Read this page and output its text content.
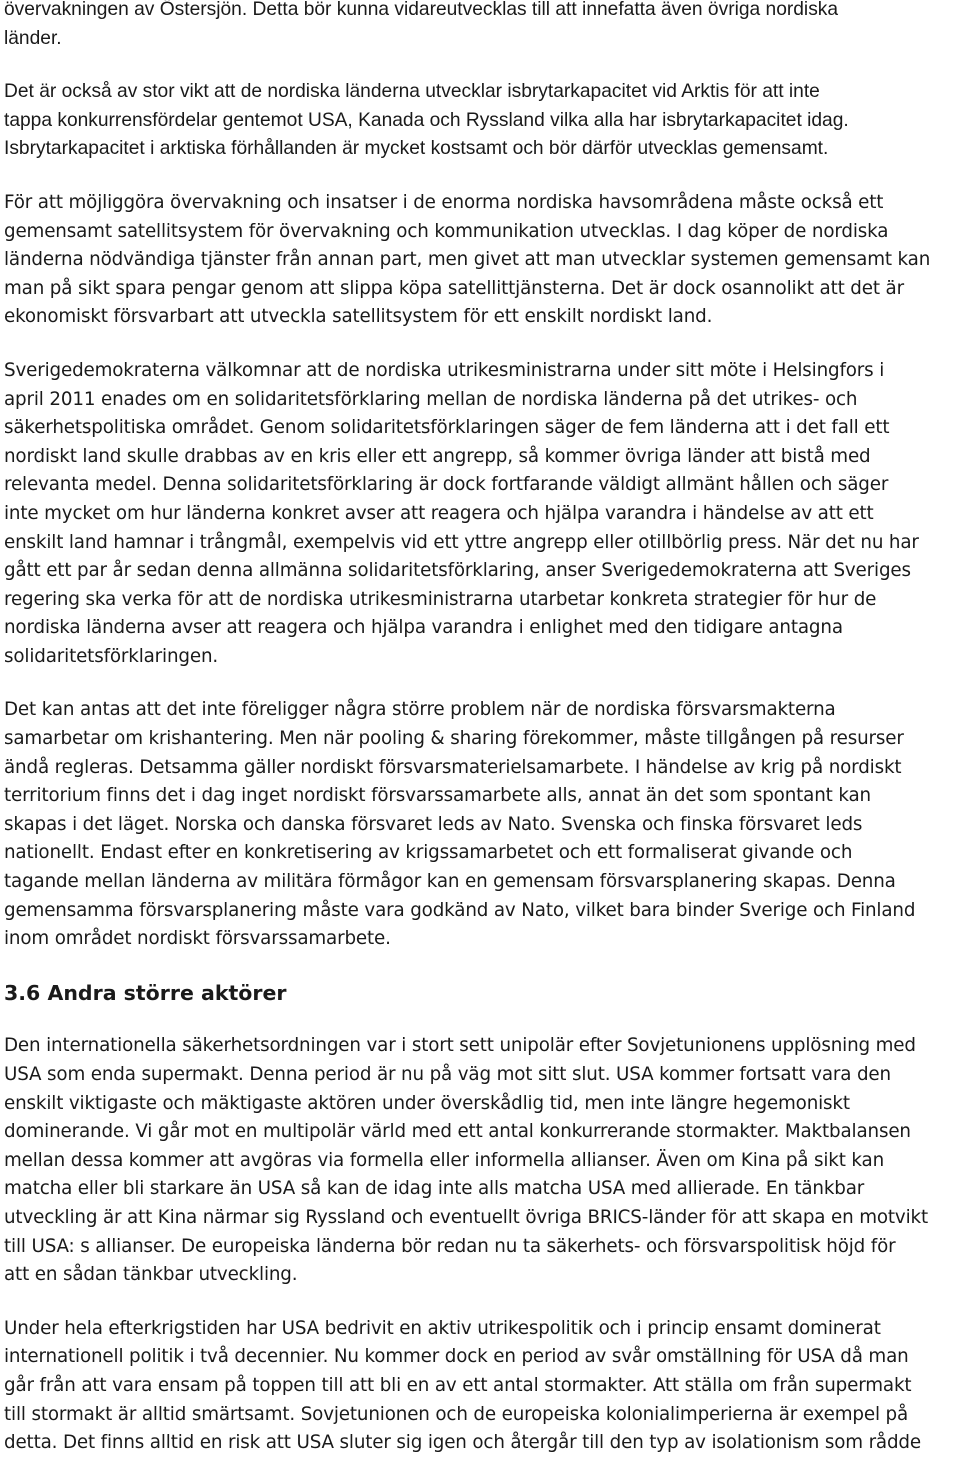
övervakningen av Östersjön. Detta bör kunna vidareutvecklas till att innefatta även övriga nordiska
länder.

Det är också av stor vikt att de nordiska länderna utvecklar isbrytarkapacitet vid Arktis för att inte
tappa konkurrensfördelar gentemot USA, Kanada och Ryssland vilka alla har isbrytarkapacitet idag.
Isbrytarkapacitet i arktiska förhållanden är mycket kostsamt och bör därför utvecklas gemensamt.

För att möjliggöra övervakning och insatser i de enorma nordiska havsområdena måste också ett
gemensamt satellitsystem för övervakning och kommunikation utvecklas. I dag köper de nordiska
länderna nödvändiga tjänster från annan part, men givet att man utvecklar systemen gemensamt kan
man på sikt spara pengar genom att slippa köpa satellittjänsterna. Det är dock osannolikt att det är
ekonomiskt försvarbart att utveckla satellitsystem för ett enskilt nordiskt land.

Sverigedemokraterna välkomnar att de nordiska utrikesministrarna under sitt möte i Helsingfors i
april 2011 enades om en solidaritetsförklaring mellan de nordiska länderna på det utrikes- och
säkerhetspolitiska området. Genom solidaritetsförklaringen säger de fem länderna att i det fall ett
nordiskt land skulle drabbas av en kris eller ett angrepp, så kommer övriga länder att bistå med
relevanta medel. Denna solidaritetsförklaring är dock fortfarande väldigt allmänt hållen och säger
inte mycket om hur länderna konkret avser att reagera och hjälpa varandra i händelse av att ett
enskilt land hamnar i trångmål, exempelvis vid ett yttre angrepp eller otillbörlig press. När det nu har
gått ett par år sedan denna allmänna solidaritetsförklaring, anser Sverigedemokraterna att Sveriges
regering ska verka för att de nordiska utrikesministrarna utarbetar konkreta strategier för hur de
nordiska länderna avser att reagera och hjälpa varandra i enlighet med den tidigare antagna
solidaritetsförklaringen.

Det kan antas att det inte föreligger några större problem när de nordiska försvarsmakterna
samarbetar om krishantering. Men när pooling & sharing förekommer, måste tillgången på resurser
ändå regleras. Detsamma gäller nordiskt försvarsmaterielsamarbete. I händelse av krig på nordiskt
territorium finns det i dag inget nordiskt försvarssamarbete alls, annat än det som spontant kan
skapas i det läget. Norska och danska försvaret leds av Nato. Svenska och finska försvaret leds
nationellt. Endast efter en konkretisering av krigssamarbetet och ett formaliserat givande och
tagande mellan länderna av militära förmågor kan en gemensam försvarsplanering skapas. Denna
gemensamma försvarsplanering måste vara godkänd av Nato, vilket bara binder Sverige och Finland
inom området nordiskt försvarssamarbete.

3.6 Andra större aktörer

Den internationella säkerhetsordningen var i stort sett unipolär efter Sovjetunionens upplösning med
USA som enda supermakt. Denna period är nu på väg mot sitt slut. USA kommer fortsatt vara den
enskilt viktigaste och mäktigaste aktören under överskådlig tid, men inte längre hegemoniskt
dominerande. Vi går mot en multipolär värld med ett antal konkurrerande stormakter. Maktbalansen
mellan dessa kommer att avgöras via formella eller informella allianser. Även om Kina på sikt kan
matcha eller bli starkare än USA så kan de idag inte alls matcha USA med allierade. En tänkbar
utveckling är att Kina närmar sig Ryssland och eventuellt övriga BRICS-länder för att skapa en motvikt
till USA: s allianser. De europeiska länderna bör redan nu ta säkerhets- och försvarspolitisk höjd för
att en sådan tänkbar utveckling.

Under hela efterkrigstiden har USA bedrivit en aktiv utrikespolitik och i princip ensamt dominerat
internationell politik i två decennier. Nu kommer dock en period av svår omställning för USA då man
går från att vara ensam på toppen till att bli en av ett antal stormakter. Att ställa om från supermakt
till stormakt är alltid smärtsamt. Sovjetunionen och de europeiska kolonialimperierna är exempel på
detta. Det finns alltid en risk att USA sluter sig igen och återgår till den typ av isolationism som rådde
